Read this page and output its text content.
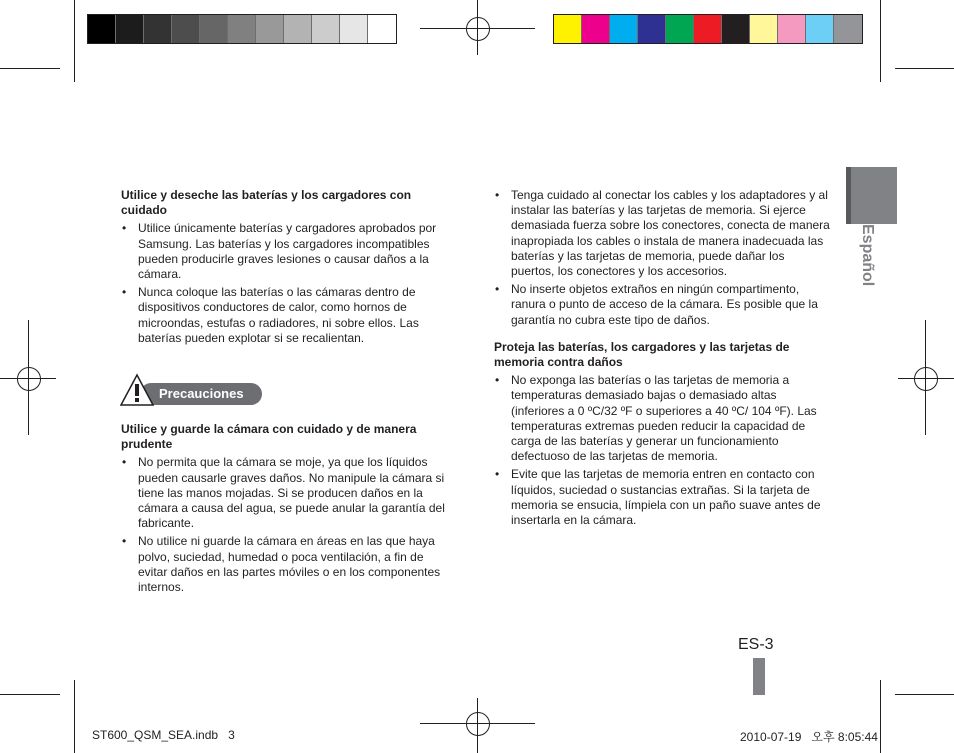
Utilice y deseche las baterías y los cargadores con cuidado
• Utilice únicamente baterías y cargadores aprobados por Samsung. Las baterías y los cargadores incompatibles pueden producirle graves lesiones o causar daños a la cámara.
• Nunca coloque las baterías o las cámaras dentro de dispositivos conductores de calor, como hornos de microondas, estufas o radiadores, ni sobre ellos. Las baterías pueden explotar si se recalientan.
Precauciones
Utilice y guarde la cámara con cuidado y de manera prudente
• No permita que la cámara se moje, ya que los líquidos pueden causarle graves daños. No manipule la cámara si tiene las manos mojadas. Si se producen daños en la cámara a causa del agua, se puede anular la garantía del fabricante.
• No utilice ni guarde la cámara en áreas en las que haya polvo, suciedad, humedad o poca ventilación, a fin de evitar daños en las partes móviles o en los componentes internos.
• Tenga cuidado al conectar los cables y los adaptadores y al instalar las baterías y las tarjetas de memoria. Si ejerce demasiada fuerza sobre los conectores, conecta de manera inapropiada los cables o instala de manera inadecuada las baterías y las tarjetas de memoria, puede dañar los puertos, los conectores y los accesorios.
• No inserte objetos extraños en ningún compartimento, ranura o punto de acceso de la cámara. Es posible que la garantía no cubra este tipo de daños.
Proteja las baterías, los cargadores y las tarjetas de memoria contra daños
• No exponga las baterías o las tarjetas de memoria a temperaturas demasiado bajas o demasiado altas (inferiores a 0 ºC/32 ºF o superiores a 40 ºC/ 104 ºF). Las temperaturas extremas pueden reducir la capacidad de carga de las baterías y generar un funcionamiento defectuoso de las tarjetas de memoria.
• Evite que las tarjetas de memoria entren en contacto con líquidos, suciedad o sustancias extrañas. Si la tarjeta de memoria se ensucia, límpiela con un paño suave antes de insertarla en la cámara.
Español
ES-3
ST600_QSM_SEA.indb   3	2010-07-19   오후 8:05:44
